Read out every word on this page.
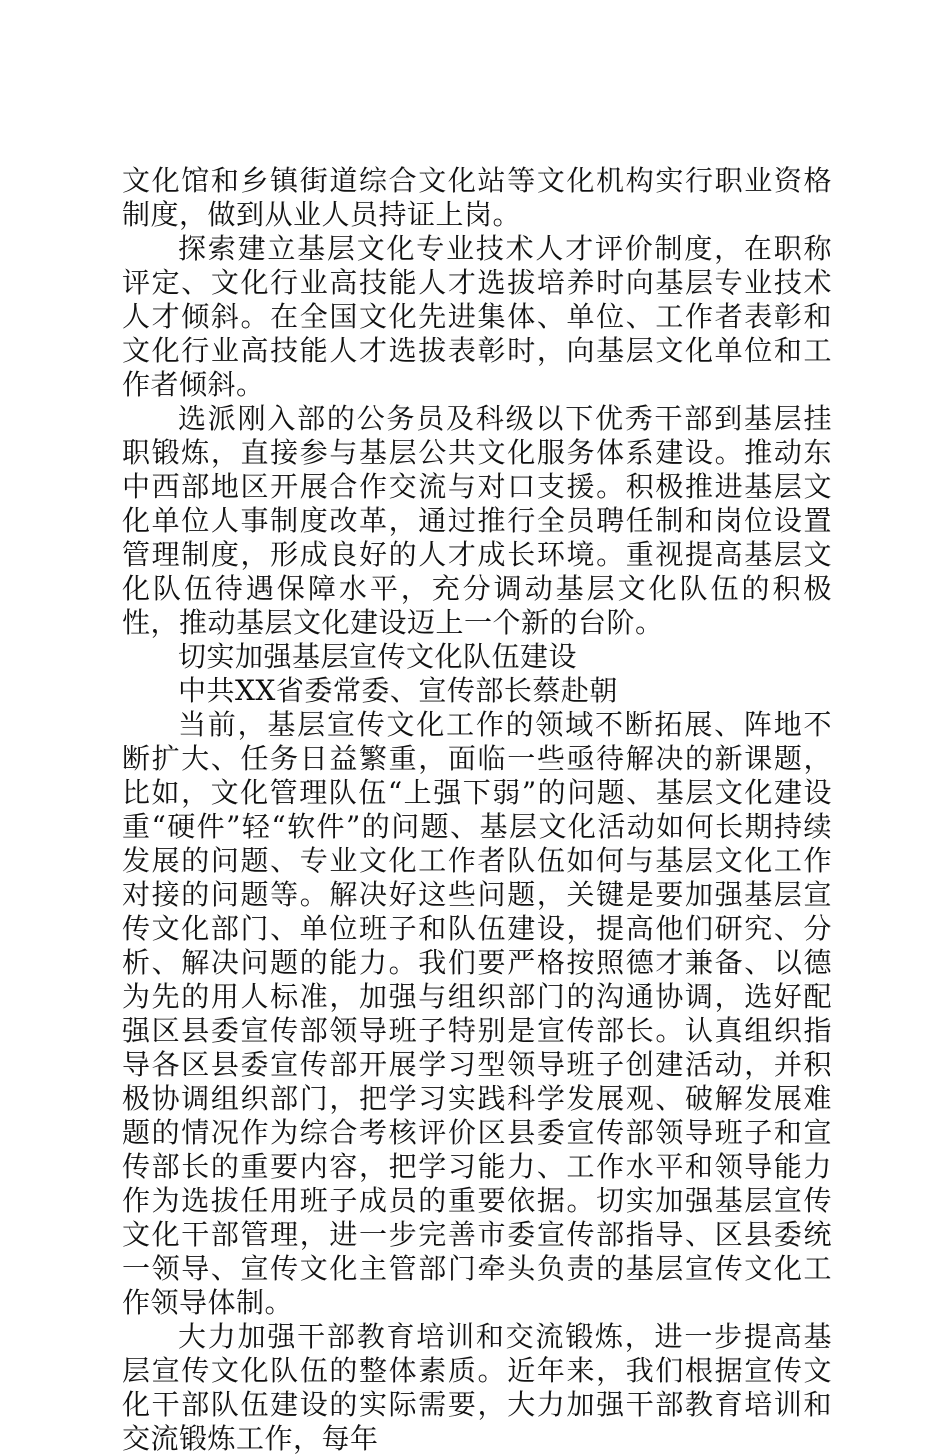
文化馆和乡镇街道综合文化站等文化机构实行职业资格制度，做到从业人员持证上岗。

探索建立基层文化专业技术人才评价制度，在职称评定、文化行业高技能人才选拔培养时向基层专业技术人才倾斜。在全国文化先进集体、单位、工作者表彰和文化行业高技能人才选拔表彰时，向基层文化单位和工作者倾斜。

选派刚入部的公务员及科级以下优秀干部到基层挂职锻炼，直接参与基层公共文化服务体系建设。推动东中西部地区开展合作交流与对口支援。积极推进基层文化单位人事制度改革，通过推行全员聘任制和岗位设置管理制度，形成良好的人才成长环境。重视提高基层文化队伍待遇保障水平，充分调动基层文化队伍的积极性，推动基层文化建设迈上一个新的台阶。

切实加强基层宣传文化队伍建设

中共XX省委常委、宣传部长蔡赴朝

当前，基层宣传文化工作的领域不断拓展、阵地不断扩大、任务日益繁重，面临一些亟待解决的新课题，比如，文化管理队伍“上强下弱”的问题、基层文化建设重“硬件”轻“软件”的问题、基层文化活动如何长期持续发展的问题、专业文化工作者队伍如何与基层文化工作对接的问题等。解决好这些问题，关键是要加强基层宣传文化部门、单位班子和队伍建设，提高他们研究、分析、解决问题的能力。我们要严格按照德才兼备、以德为先的用人标准，加强与组织部门的沟通协调，选好配强区县委宣传部领导班子特别是宣传部长。认真组织指导各区县委宣传部开展学习型领导班子创建活动，并积极协调组织部门，把学习实践科学发展观、破解发展难题的情况作为综合考核评价区县委宣传部领导班子和宣传部长的重要内容，把学习能力、工作水平和领导能力作为选拔任用班子成员的重要依据。切实加强基层宣传文化干部管理，进一步完善市委宣传部指导、区县委统一领导、宣传文化主管部门牵头负责的基层宣传文化工作领导体制。

大力加强干部教育培训和交流锻炼，进一步提高基层宣传文化队伍的整体素质。近年来，我们根据宣传文化干部队伍建设的实际需要，大力加强干部教育培训和交流锻炼工作，每年
